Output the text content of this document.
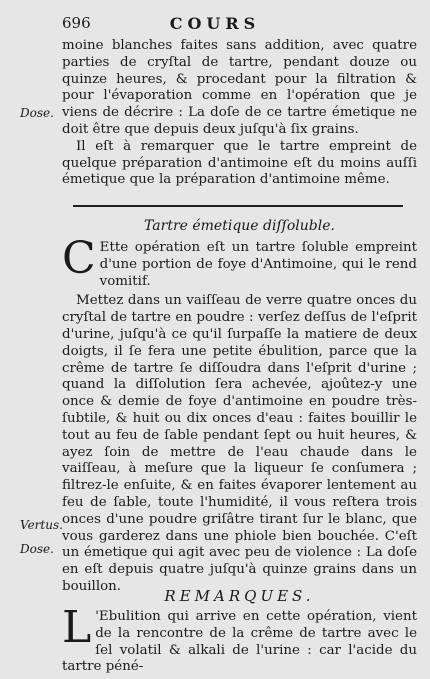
696	COURS
Dose.

moine blanches faites sans addition, avec quatre parties de cryſtal de tartre, pendant douze ou quinze heures, & procedant pour la filtration & pour l'évaporation comme en l'opération que je viens de décrire : La doſe de ce tartre émetique ne doit être que depuis deux juſqu'à ſix grains.

Il eſt à remarquer que le tartre empreint de quelque préparation d'antimoine eſt du moins auſſi émetique que la préparation d'antimoine même.

Tartre émetique diſſoluble.

C Ette opération eſt un tartre ſoluble empreint d'une portion de foye d'Antimoine, qui le rend vomitif.

Mettez dans un vaiſſeau de verre quatre onces du cryſtal de tartre en poudre : verſez deſſus de l'eſprit d'urine, juſqu'à ce qu'il ſurpaſſe la matiere de deux doigts, il ſe fera une petite ébulition, parce que la crême de tartre ſe diſſoudra dans l'eſprit d'urine ; quand la diſſolution ſera achevée, ajoûtez-y une once & demie de foye d'antimoine en poudre très-ſubtile, & huit ou dix onces d'eau : faites bouillir le tout au feu de ſable pendant ſept ou huit heures, & ayez ſoin de mettre de l'eau chaude dans le vaiſſeau, à meſure que la liqueur ſe conſumera ; filtrez-le enſuite, & en faites évaporer lentement au feu de ſable, toute l'humidité, il vous reſtera trois onces d'une poudre griſâtre tirant ſur le blanc, que vous garderez dans une phiole bien bouchée. C'eſt un émetique qui agit avec peu de violence : La doſe en eſt depuis quatre juſqu'à quinze grains dans un bouillon.

Vertus.
Dose.
REMARQUES.

L 'Ebulition qui arrive en cette opération, vient de la rencontre de la crême de tartre avec le ſel volatil & alkali de l'urine : car l'acide du tartre péné-
